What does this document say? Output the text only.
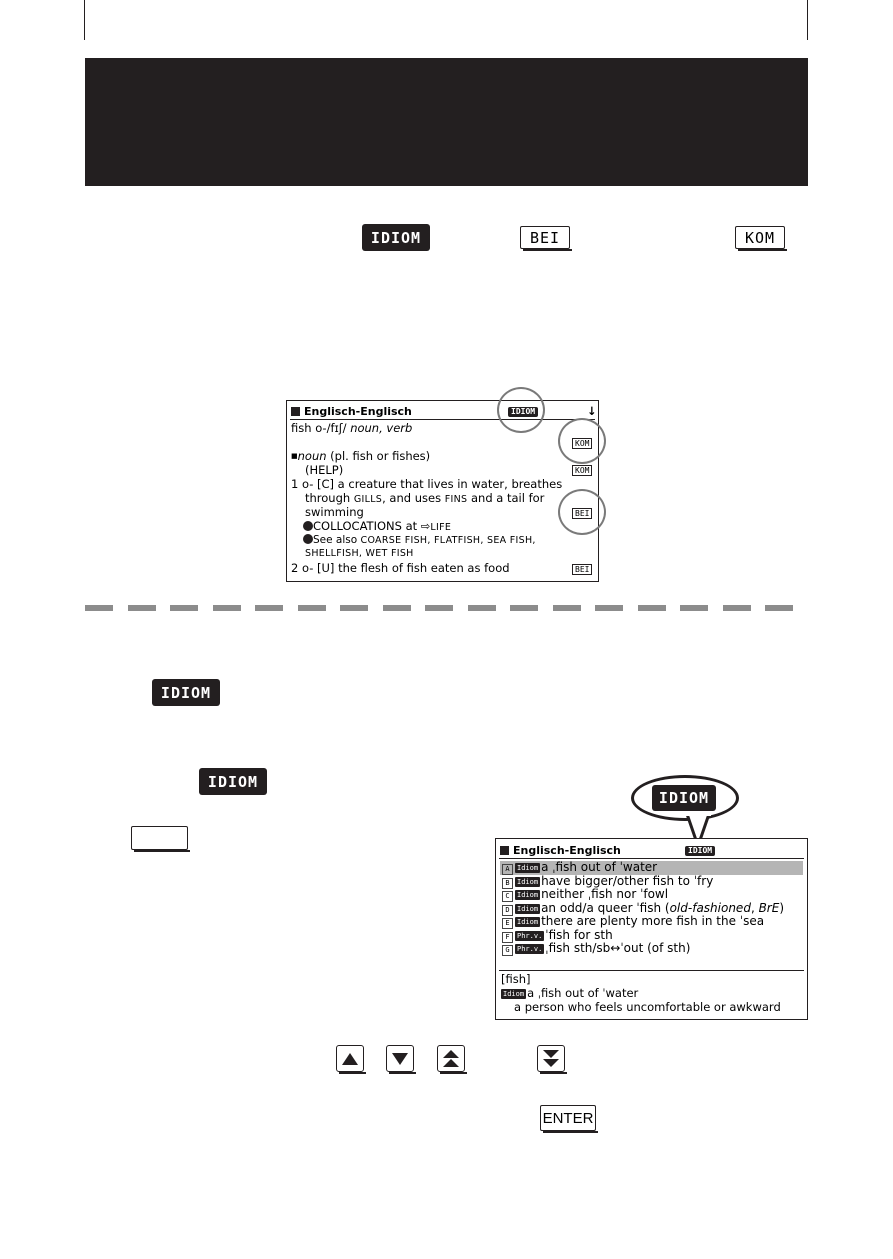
IDIOM	BEI	KOM
Englisch-Englisch	IDIOM	↓
fish o-/fɪʃ/ noun, verb
KOM
■noun (pl. fish or fishes)
(HELP)	KOM
1 o- [C] a creature that lives in water, breathes
through GILLS, and uses FINS and a tail for
swimming	BEI
COLLOCATIONS at ⇨LIFE
See also COARSE FISH, FLATFISH, SEA FISH,
SHELLFISH, WET FISH
2 o- [U] the flesh of fish eaten as food	BEI
IDIOM
IDIOM
IDIOM
Englisch-Englisch	IDIOM
A Idiom a ˌfish out of ˈwater
B Idiom have bigger/other fish to ˈfry
C Idiom neither ˌfish nor ˈfowl
D Idiom an odd/a queer ˈfish (old-fashioned, BrE)
E Idiom there are plenty more fish in the ˈsea
F Phr.v. ˈfish for sth
G Phr.v. ˌfish sth/sb↔ˈout (of sth)
[fish]
Idiom a ˌfish out of ˈwater
a person who feels uncomfortable or awkward
ENTER
